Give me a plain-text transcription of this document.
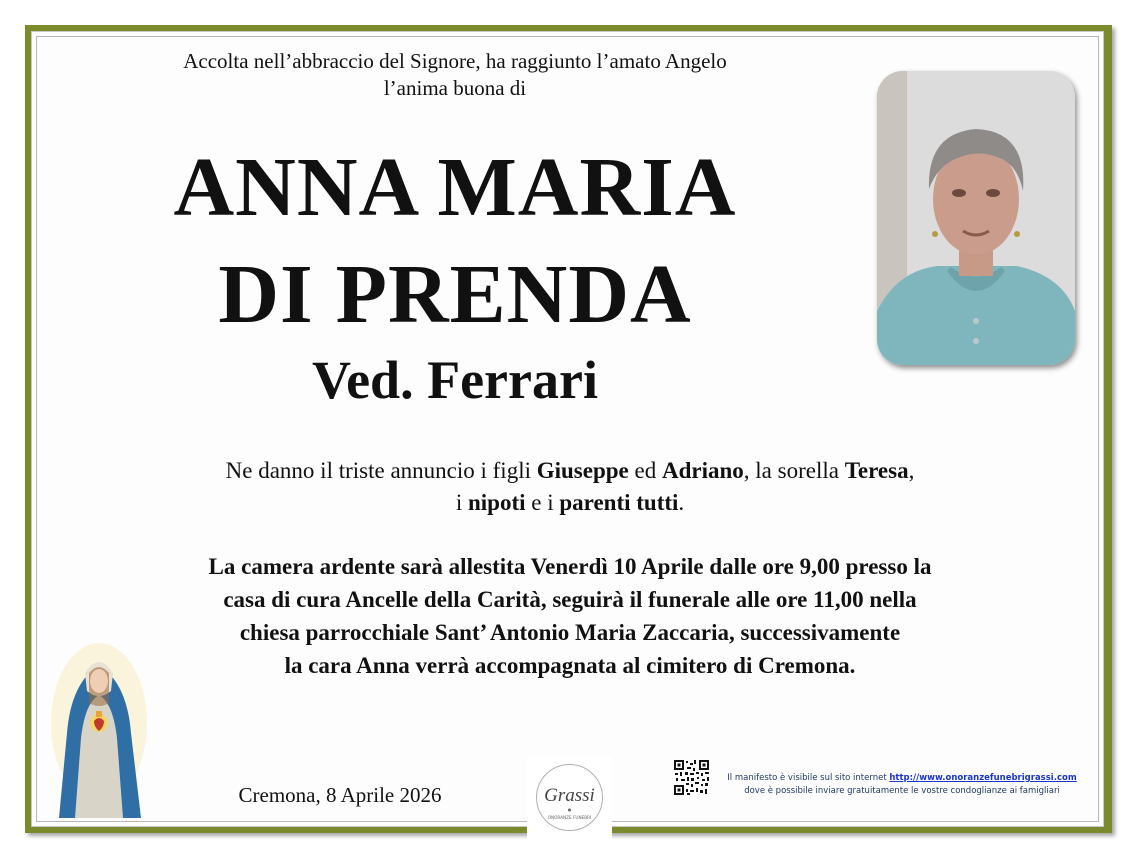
Accolta nell’abbraccio del Signore, ha raggiunto l’amato Angelo
l’anima buona di
ANNA MARIA
DI PRENDA
Ved. Ferrari
Ne danno il triste annuncio i figli Giuseppe ed Adriano, la sorella Teresa,
i nipoti e i parenti tutti.
La camera ardente sarà allestita Venerdì 10 Aprile dalle ore 9,00 presso la
casa di cura Ancelle della Carità, seguirà il funerale alle ore 11,00 nella
chiesa parrocchiale Sant’ Antonio Maria Zaccaria, successivamente
la cara Anna verrà accompagnata al cimitero di Cremona.
Cremona, 8 Aprile 2026	Grassi
ONORANZE FUNEBRI
Il manifesto è visibile sul sito internet http://www.onoranzefunebrigrassi.com
dove è possibile inviare gratuitamente le vostre condoglianze ai famigliari
